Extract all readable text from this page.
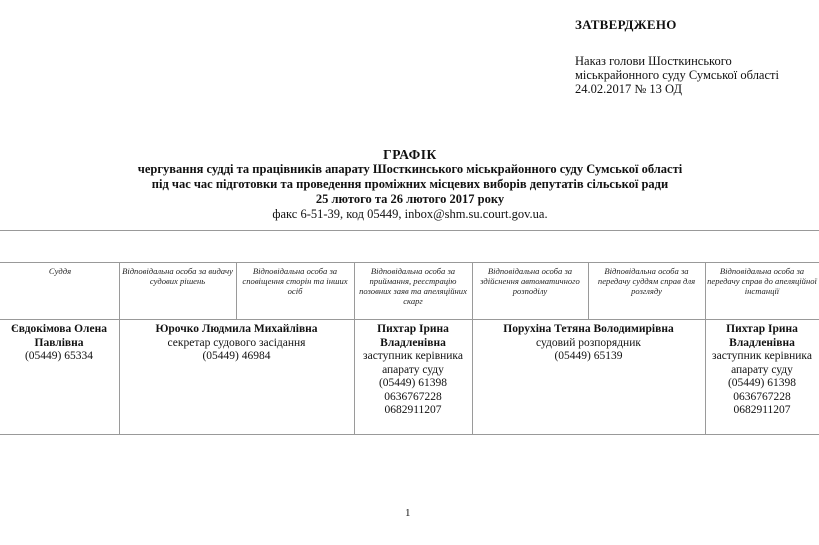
ЗАТВЕРДЖЕНО
Наказ голови Шосткинського
міськрайонного суду Сумської області
24.02.2017 № 13 ОД
ГРАФІК
чергування судді та працівників апарату Шосткинського міськрайонного суду Сумської області
під час час підготовки та проведення проміжних місцевих виборів депутатів сільської ради
25 лютого та 26 лютого 2017 року
факс 6-51-39, код 05449, inbox@shm.su.court.gov.ua.
Суддя	Відповідальна особа за видачу судових рішень
Відповідальна особа за сповіщення сторін та інших осіб
Відповідальна особа за приймання, реєстрацію позовних заяв та апеляційних скарг
Відповідальна особа за здійснення автоматичного розподілу
Відповідальна особа за передачу суддям справ для розгляду
Відповідальна особа за передачу справ до апеляційної інстанції
Євдокімова Олена Павлівна
(05449) 65334
Юрочко Людмила Михайлівна
секретар судового засідання
(05449) 46984
Пихтар Ірина Владленівна
заступник керівника апарату суду
(05449) 61398
0636767228
0682911207
Порухіна Тетяна Володимирівна
судовий розпорядник
(05449) 65139
Пихтар Ірина Владленівна
заступник керівника апарату суду
(05449) 61398
0636767228
0682911207
1
